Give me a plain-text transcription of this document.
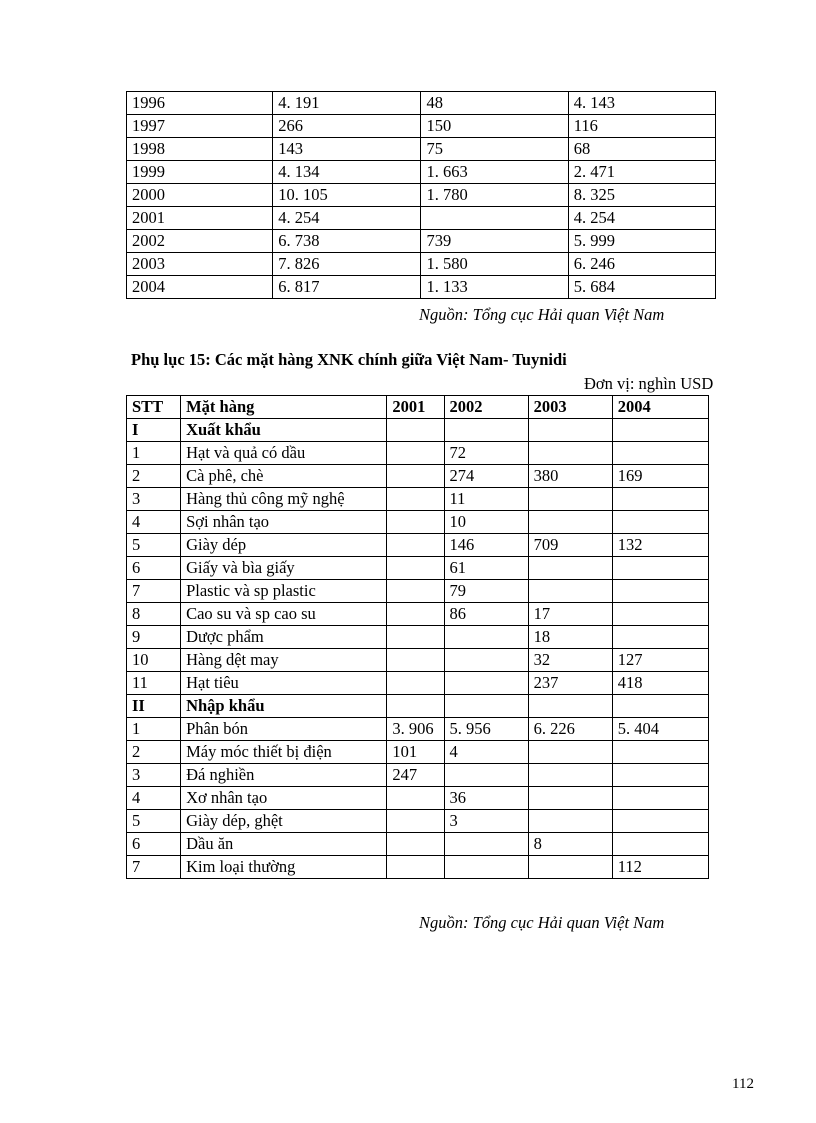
1996	4. 191	48	4. 143
1997	266	150	116
1998	143	75	68
1999	4. 134	1. 663	2. 471
2000	10. 105	1. 780	8. 325
2001	4. 254		4. 254
2002	6. 738	739	5. 999
2003	7. 826	1. 580	6. 246
2004	6. 817	1. 133	5. 684
Nguồn: Tổng cục Hải quan Việt Nam
Phụ lục 15: Các mặt hàng XNK chính giữa Việt Nam- Tuynidi
Đơn vị: nghìn USD
STT	Mặt hàng	2001	2002	2003	2004
I	Xuất khẩu				
1	Hạt và quả có dầu		72		
2	Cà phê, chè		274	380	169
3	Hàng thủ công mỹ nghệ		11		
4	Sợi nhân tạo		10		
5	Giày dép		146	709	132
6	Giấy và bìa giấy		61		
7	Plastic và sp plastic		79		
8	Cao su và sp cao su		86	17	
9	Dược phẩm			18	
10	Hàng dệt may			32	127
11	Hạt tiêu			237	418
II	Nhập khẩu				
1	Phân bón	3. 906	5. 956	6. 226	5. 404
2	Máy móc thiết bị điện	101	4		
3	Đá nghiền	247			
4	Xơ nhân tạo		36		
5	Giày dép, ghệt		3		
6	Dầu ăn			8	
7	Kim loại thường				112
Nguồn: Tổng cục Hải quan Việt Nam
112
